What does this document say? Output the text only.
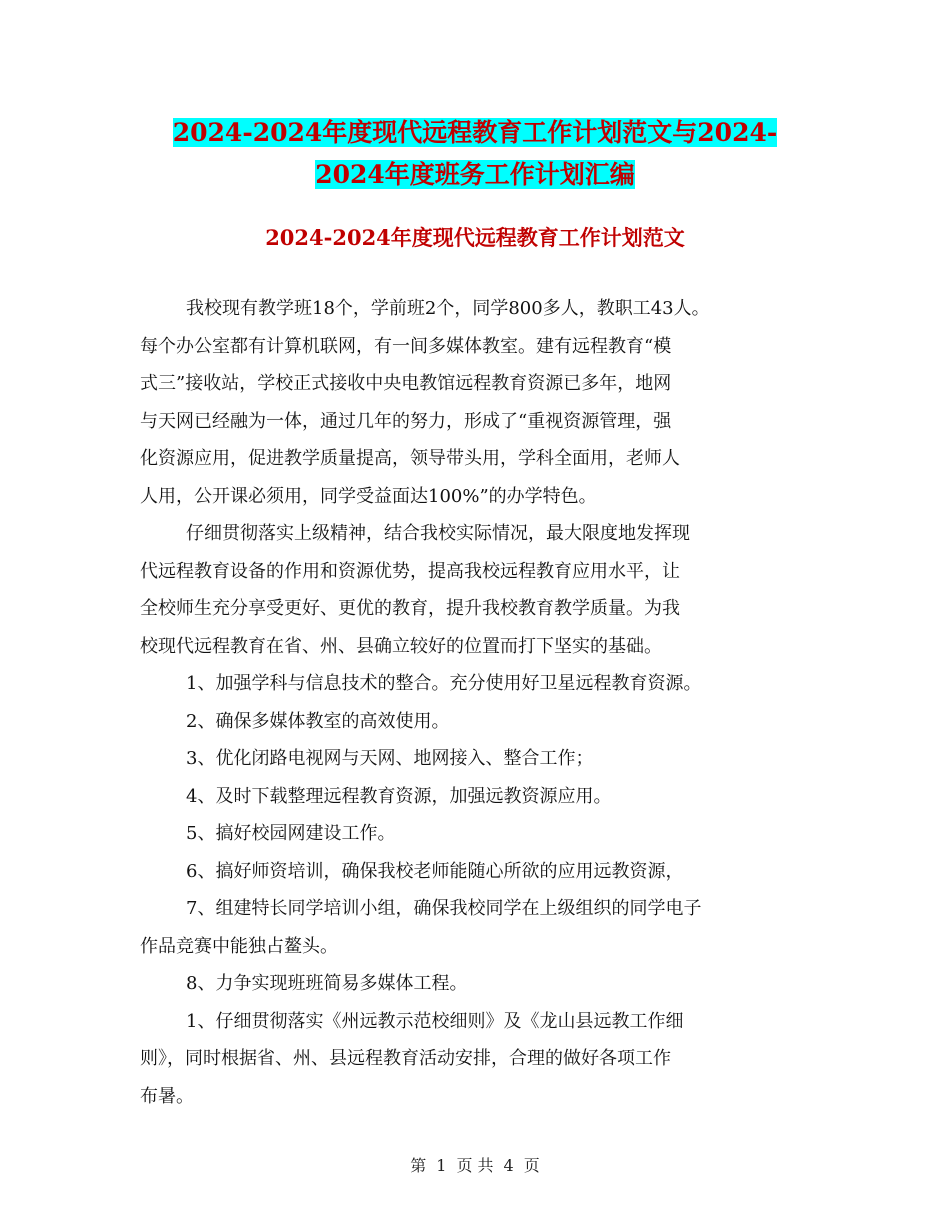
2024-2024年度现代远程教育工作计划范文与2024-
2024年度班务工作计划汇编
2024-2024年度现代远程教育工作计划范文
我校现有教学班18个，学前班2个，同学800多人，教职工43人。
每个办公室都有计算机联网，有一间多媒体教室。建有远程教育“模
式三”接收站，学校正式接收中央电教馆远程教育资源已多年，地网
与天网已经融为一体，通过几年的努力，形成了“重视资源管理，强
化资源应用，促进教学质量提高，领导带头用，学科全面用，老师人
人用，公开课必须用，同学受益面达100%”的办学特色。
仔细贯彻落实上级精神，结合我校实际情况，最大限度地发挥现
代远程教育设备的作用和资源优势，提高我校远程教育应用水平，让
全校师生充分享受更好、更优的教育，提升我校教育教学质量。为我
校现代远程教育在省、州、县确立较好的位置而打下坚实的基础。
1、加强学科与信息技术的整合。充分使用好卫星远程教育资源。
2、确保多媒体教室的高效使用。
3、优化闭路电视网与天网、地网接入、整合工作；
4、及时下载整理远程教育资源，加强远教资源应用。
5、搞好校园网建设工作。
6、搞好师资培训，确保我校老师能随心所欲的应用远教资源，
7、组建特长同学培训小组，确保我校同学在上级组织的同学电子
作品竞赛中能独占鳌头。
8、力争实现班班简易多媒体工程。
1、仔细贯彻落实《州远教示范校细则》及《龙山县远教工作细
则》，同时根据省、州、县远程教育活动安排，合理的做好各项工作
布暑。
第 1 页 共 4 页
